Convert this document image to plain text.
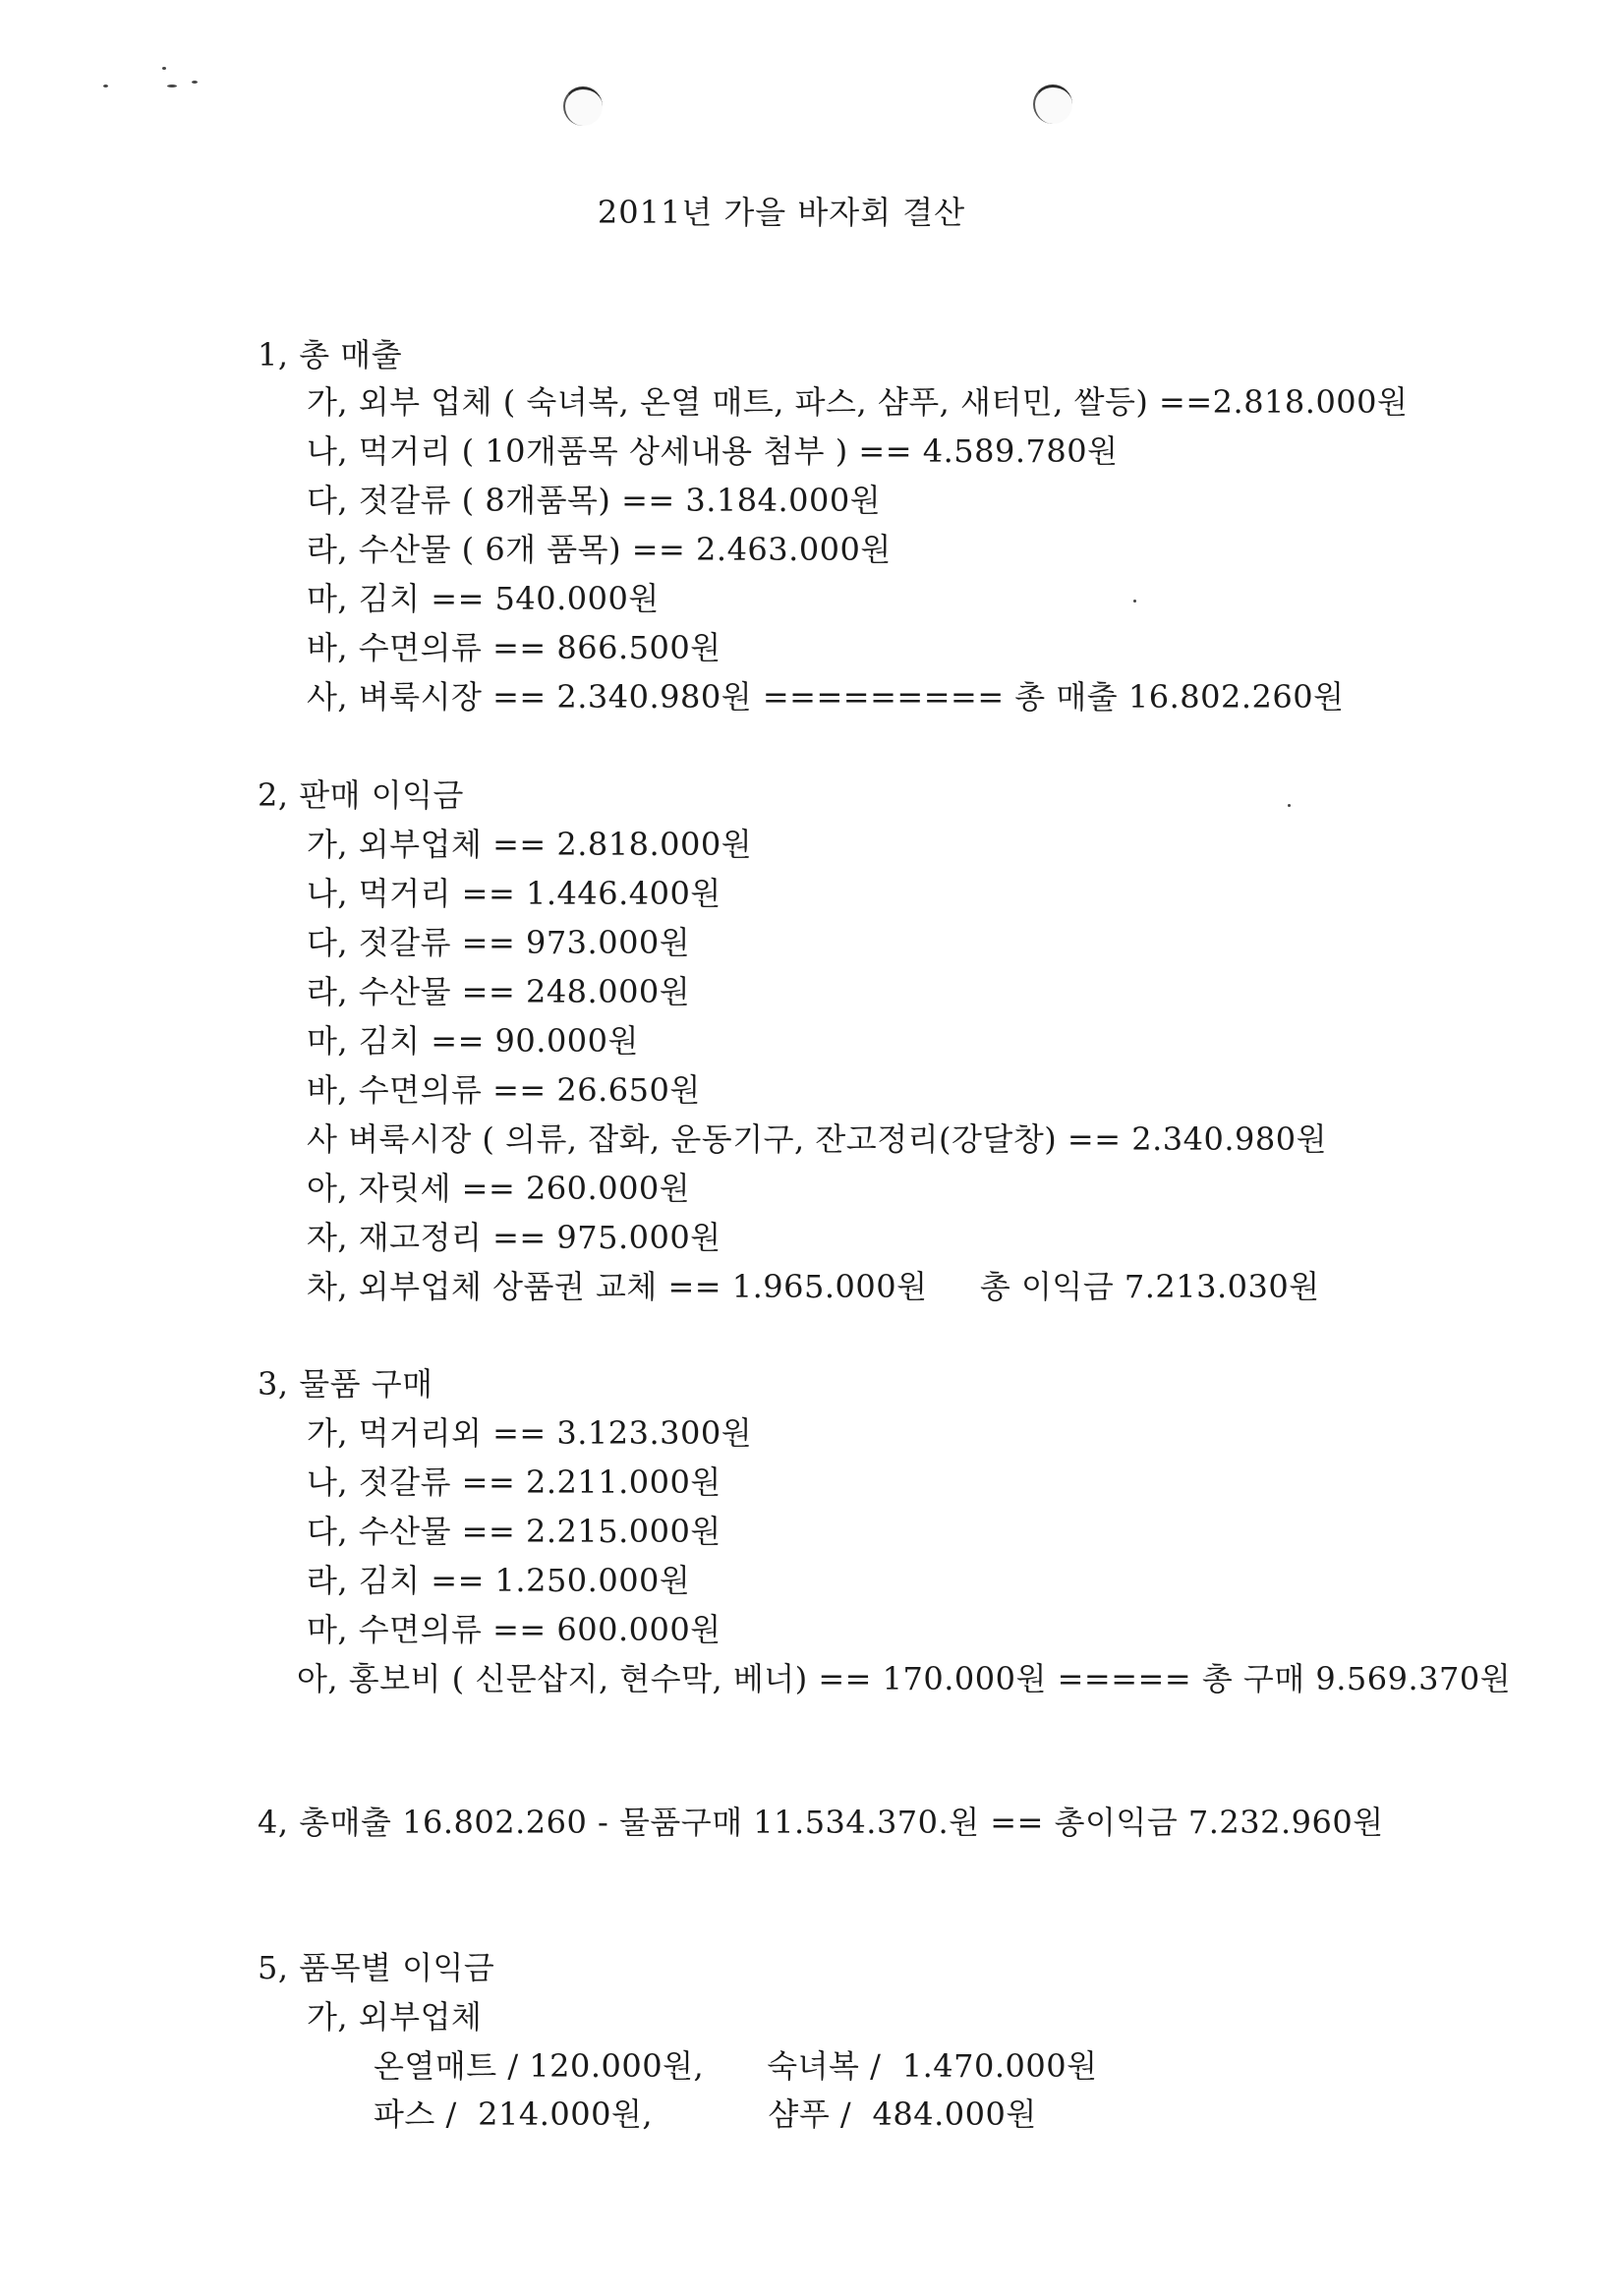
2011년 가을 바자회 결산
1, 총 매출
가, 외부 업체 ( 숙녀복, 온열 매트, 파스, 샴푸, 새터민, 쌀등) ==2.818.000원
나, 먹거리 ( 10개품목 상세내용 첨부 ) == 4.589.780원
다, 젓갈류 ( 8개품목) == 3.184.000원
라, 수산물 ( 6개 품목) == 2.463.000원
마, 김치 == 540.000원
바, 수면의류 == 866.500원
사, 벼룩시장 == 2.340.980원 ========= 총 매출 16.802.260원
2, 판매 이익금
가, 외부업체 == 2.818.000원
나, 먹거리 == 1.446.400원
다, 젓갈류 == 973.000원
라, 수산물 == 248.000원
마, 김치 == 90.000원
바, 수면의류 == 26.650원
사 벼룩시장 ( 의류, 잡화, 운동기구, 잔고정리(강달창) == 2.340.980원
아, 자릿세 == 260.000원
자, 재고정리 == 975.000원
차, 외부업체 상품권 교체 == 1.965.000원     총 이익금 7.213.030원
3, 물품 구매
가, 먹거리외 == 3.123.300원
나, 젓갈류 == 2.211.000원
다, 수산물 == 2.215.000원
라, 김치 == 1.250.000원
마, 수면의류 == 600.000원
아, 홍보비 ( 신문삽지, 현수막, 베너) == 170.000원 ===== 총 구매 9.569.370원
4, 총매출 16.802.260 - 물품구매 11.534.370.원 == 총이익금 7.232.960원
5, 품목별 이익금
가, 외부업체
온열매트 / 120.000원,      숙녀복 /  1.470.000원
파스 /  214.000원,           샴푸 /  484.000원
